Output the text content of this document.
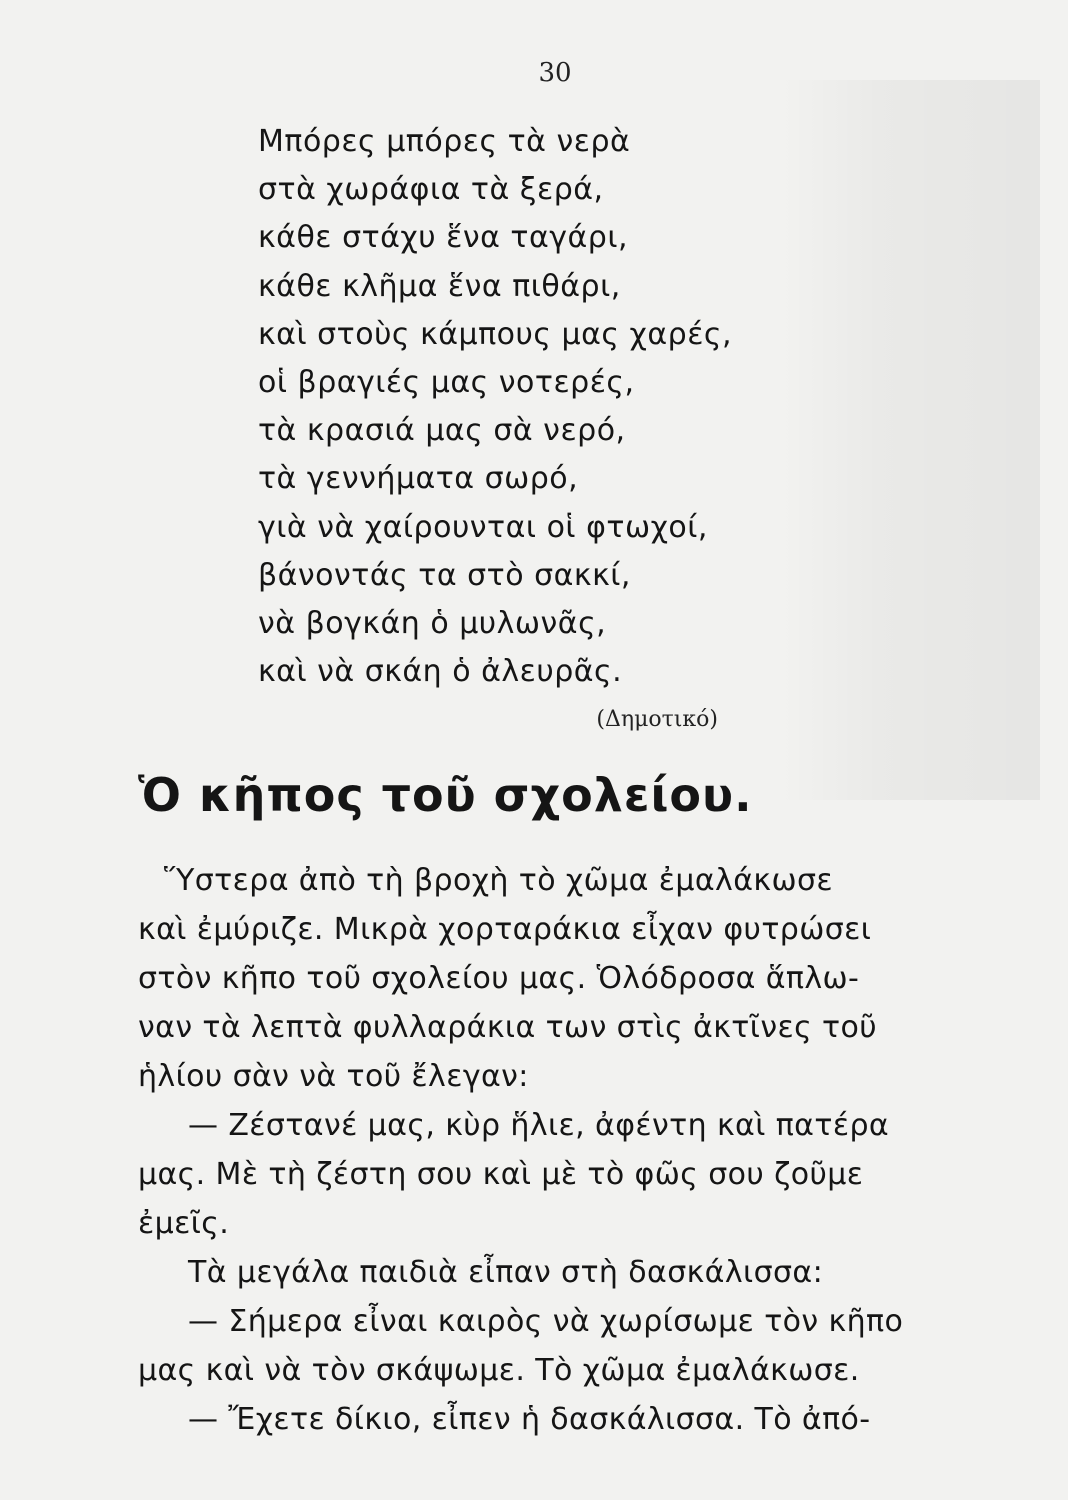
30
Μπόρες μπόρες τὰ νερὰ
στὰ χωράφια τὰ ξερά,
κάθε στάχυ ἕνα ταγάρι,
κάθε κλῆμα ἕνα πιθάρι,
καὶ στοὺς κάμπους μας χαρές,
οἱ βραγιές μας νοτερές,
τὰ κρασιά μας σὰ νερό,
τὰ γεννήματα σωρό,
γιὰ νὰ χαίρουνται οἱ φτωχοί,
βάνοντάς τα στὸ σακκί,
νὰ βογκάη ὁ μυλωνᾶς,
καὶ νὰ σκάη ὁ ἀλευρᾶς.
(Δημοτικό)
Ὁ κῆπος τοῦ σχολείου.
Ὕστερα ἀπὸ τὴ βροχὴ τὸ χῶμα ἐμαλάκωσε
καὶ ἐμύριζε. Μικρὰ χορταράκια εἶχαν φυτρώσει
στὸν κῆπο τοῦ σχολείου μας. Ὁλόδροσα ἅπλω-
ναν τὰ λεπτὰ φυλλαράκια των στὶς ἀκτῖνες τοῦ
ἡλίου σὰν νὰ τοῦ ἔλεγαν:
— Ζέστανέ μας, κὺρ ἥλιε, ἀφέντη καὶ πατέρα
μας. Μὲ τὴ ζέστη σου καὶ μὲ τὸ φῶς σου ζοῦμε
ἐμεῖς.
Τὰ μεγάλα παιδιὰ εἶπαν στὴ δασκάλισσα:
— Σήμερα εἶναι καιρὸς νὰ χωρίσωμε τὸν κῆπο
μας καὶ νὰ τὸν σκάψωμε. Τὸ χῶμα ἐμαλάκωσε.
— Ἔχετε δίκιο, εἶπεν ἡ δασκάλισσα. Τὸ ἀπό-
